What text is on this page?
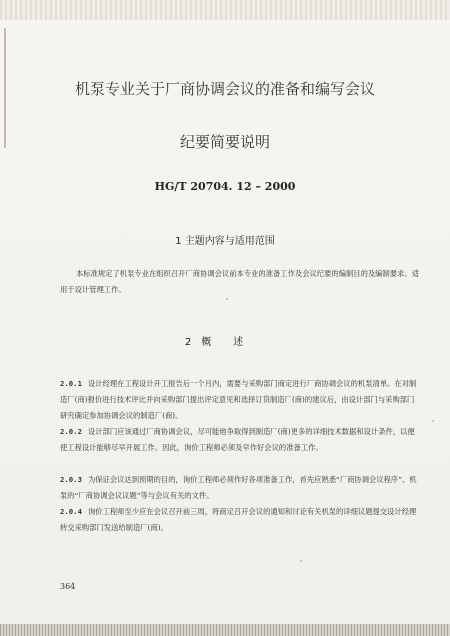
机泵专业关于厂商协调会议的准备和编写会议
纪要简要说明
HG/T 20704. 12 – 2000
1 主题内容与适用范围
本标准规定了机泵专业在组织召开厂商协调会议前本专业的准备工作及会议纪要的编制目的及编制要求。适用于设计管理工作。
2 概述
2.0.1 设计经理在工程设计开工报告后一个月内，需要与采购部门商定进行厂商协调会议的机泵清单。在对制造厂(商)报价进行技术评比并向采购部门提出评定意见和选择订货制造厂(商)的建议后，由设计部门与采购部门研究确定参加协调会议的制造厂(商)。
2.0.2 设计部门应该通过厂商协调会议，尽可能地争取得到制造厂(商)更多的详细技术数据和设计条件，以便使工程设计能够尽早开展工作。因此，询价工程师必须及早作好会议的准备工作。
2.0.3 为保证会议达到预期的目的，询价工程师必须作好各项准备工作，首先应熟悉“厂商协调会议程序”、机泵的“厂商协调会议议题”等与会议有关的文件。
2.0.4 询价工程师至少应在会议召开前三周，将商定召开会议的通知和讨论有关机泵的详细议题提交设计经理转交采购部门发送给制造厂(商)。
364
